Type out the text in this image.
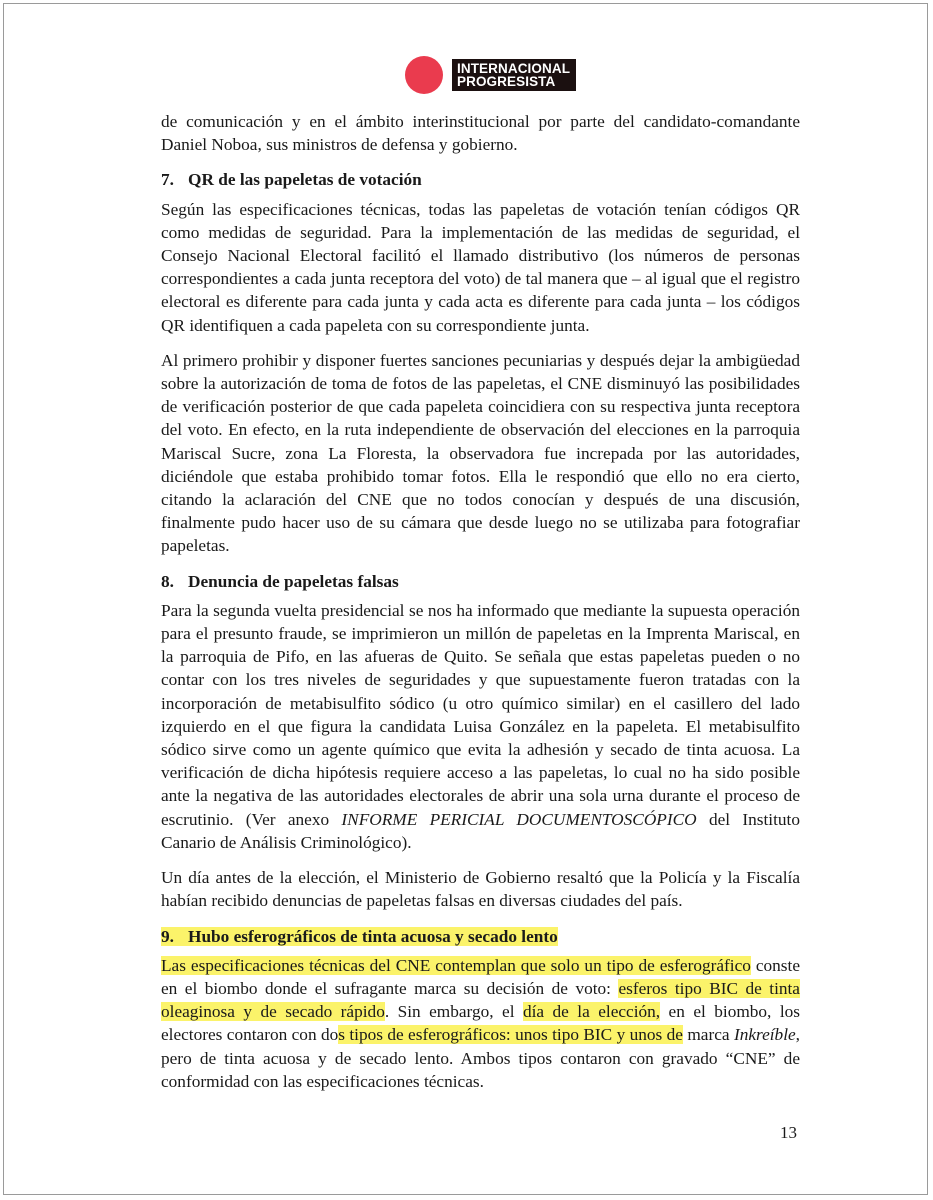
INTERNACIONAL
PROGRESISTA

de comunicación y en el ámbito interinstitucional por parte del candidato-comandante Daniel Noboa, sus ministros de defensa y gobierno.

7. QR de las papeletas de votación

Según las especificaciones técnicas, todas las papeletas de votación tenían códigos QR como medidas de seguridad. Para la implementación de las medidas de seguridad, el Consejo Nacional Electoral facilitó el llamado distributivo (los números de personas correspondientes a cada junta receptora del voto) de tal manera que – al igual que el registro electoral es diferente para cada junta y cada acta es diferente para cada junta – los códigos QR identifiquen a cada papeleta con su correspondiente junta.

Al primero prohibir y disponer fuertes sanciones pecuniarias y después dejar la ambigüedad sobre la autorización de toma de fotos de las papeletas, el CNE disminuyó las posibilidades de verificación posterior de que cada papeleta coincidiera con su respectiva junta receptora del voto. En efecto, en la ruta independiente de observación del elecciones en la parroquia Mariscal Sucre, zona La Floresta, la observadora fue increpada por las autoridades, diciéndole que estaba prohibido tomar fotos. Ella le respondió que ello no era cierto, citando la aclaración del CNE que no todos conocían y después de una discusión, finalmente pudo hacer uso de su cámara que desde luego no se utilizaba para fotografiar papeletas.

8. Denuncia de papeletas falsas

Para la segunda vuelta presidencial se nos ha informado que mediante la supuesta operación para el presunto fraude, se imprimieron un millón de papeletas en la Imprenta Mariscal, en la parroquia de Pifo, en las afueras de Quito. Se señala que estas papeletas pueden o no contar con los tres niveles de seguridades y que supuestamente fueron tratadas con la incorporación de metabisulfito sódico (u otro químico similar) en el casillero del lado izquierdo en el que figura la candidata Luisa González en la papeleta. El metabisulfito sódico sirve como un agente químico que evita la adhesión y secado de tinta acuosa. La verificación de dicha hipótesis requiere acceso a las papeletas, lo cual no ha sido posible ante la negativa de las autoridades electorales de abrir una sola urna durante el proceso de escrutinio. (Ver anexo INFORME PERICIAL DOCUMENTOSCÓPICO del Instituto Canario de Análisis Criminológico).

Un día antes de la elección, el Ministerio de Gobierno resaltó que la Policía y la Fiscalía habían recibido denuncias de papeletas falsas en diversas ciudades del país.

9. Hubo esferográficos de tinta acuosa y secado lento

Las especificaciones técnicas del CNE contemplan que solo un tipo de esferográfico conste en el biombo donde el sufragante marca su decisión de voto: esferos tipo BIC de tinta oleaginosa y de secado rápido. Sin embargo, el día de la elección, en el biombo, los electores contaron con dos tipos de esferográficos: unos tipo BIC y unos de marca Inkreíble, pero de tinta acuosa y de secado lento. Ambos tipos contaron con gravado “CNE” de conformidad con las especificaciones técnicas.

13
